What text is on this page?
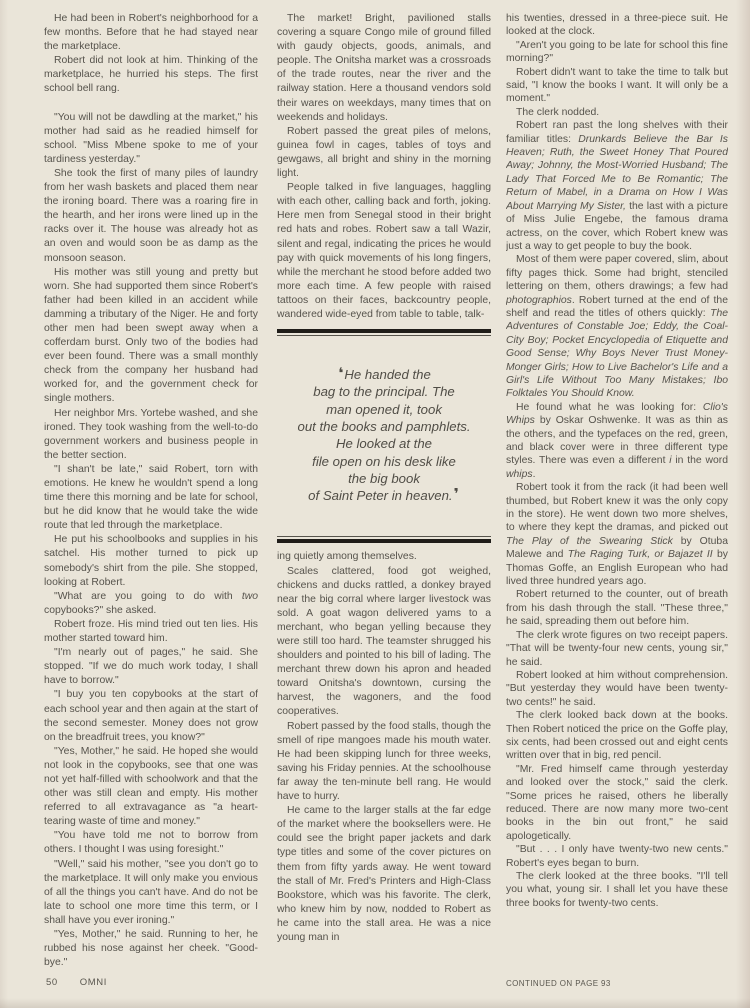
He had been in Robert's neighborhood for a few months. Before that he had stayed near the marketplace.

Robert did not look at him. Thinking of the marketplace, he hurried his steps. The first school bell rang.

"You will not be dawdling at the market," his mother had said as he readied himself for school. "Miss Mbene spoke to me of your tardiness yesterday."

She took the first of many piles of laundry from her wash baskets and placed them near the ironing board. There was a roaring fire in the hearth, and her irons were lined up in the racks over it. The house was already hot as an oven and would soon be as damp as the monsoon season.

His mother was still young and pretty but worn. She had supported them since Robert's father had been killed in an accident while damming a tributary of the Niger. He and forty other men had been swept away when a cofferdam burst. Only two of the bodies had ever been found. There was a small monthly check from the company her husband had worked for, and the government check for single mothers.

Her neighbor Mrs. Yortebe washed, and she ironed. They took washing from the well-to-do government workers and business people in the better section.

"I shan't be late," said Robert, torn with emotions. He knew he wouldn't spend a long time there this morning and be late for school, but he did know that he would take the wide route that led through the marketplace.

He put his schoolbooks and supplies in his satchel. His mother turned to pick up somebody's shirt from the pile. She stopped, looking at Robert.

"What are you going to do with two copybooks?" she asked.

Robert froze. His mind tried out ten lies. His mother started toward him.

"I'm nearly out of pages," he said. She stopped. "If we do much work today, I shall have to borrow."

"I buy you ten copybooks at the start of each school year and then again at the start of the second semester. Money does not grow on the breadfruit trees, you know?"

"Yes, Mother," he said. He hoped she would not look in the copybooks, see that one was not yet half-filled with schoolwork and that the other was still clean and empty. His mother referred to all extravagance as "a heart-tearing waste of time and money."

"You have told me not to borrow from others. I thought I was using foresight."

"Well," said his mother, "see you don't go to the marketplace. It will only make you envious of all the things you can't have. And do not be late to school one more time this term, or I shall have you ever ironing."

"Yes, Mother," he said. Running to her, he rubbed his nose against her cheek. "Good-bye."

The market! Bright, pavilioned stalls covering a square Congo mile of ground filled with gaudy objects, goods, animals, and people. The Onitsha market was a crossroads of the trade routes, near the river and the railway station. Here a thousand vendors sold their wares on weekdays, many times that on weekends and holidays.

Robert passed the great piles of melons, guinea fowl in cages, tables of toys and gewgaws, all bright and shiny in the morning light.

People talked in five languages, haggling with each other, calling back and forth, joking. Here men from Senegal stood in their bright red hats and robes. Robert saw a tall Wazir, silent and regal, indicating the prices he would pay with quick movements of his long fingers, while the merchant he stood before added two more each time. A few people with raised tattoos on their faces, backcountry people, wandered wide-eyed from table to table, talk-

❛He handed the
bag to the principal. The
man opened it, took
out the books and pamphlets.
He looked at the
file open on his desk like
the big book
of Saint Peter in heaven.❜

ing quietly among themselves.

Scales clattered, food got weighed, chickens and ducks rattled, a donkey brayed near the big corral where larger livestock was sold. A goat wagon delivered yams to a merchant, who began yelling because they were still too hard. The teamster shrugged his shoulders and pointed to his bill of lading. The merchant threw down his apron and headed toward Onitsha's downtown, cursing the harvest, the wagoners, and the food cooperatives.

Robert passed by the food stalls, though the smell of ripe mangoes made his mouth water. He had been skipping lunch for three weeks, saving his Friday pennies. At the schoolhouse far away the ten-minute bell rang. He would have to hurry.

He came to the larger stalls at the far edge of the market where the booksellers were. He could see the bright paper jackets and dark type titles and some of the cover pictures on them from fifty yards away. He went toward the stall of Mr. Fred's Printers and High-Class Bookstore, which was his favorite. The clerk, who knew him by now, nodded to Robert as he came into the stall area. He was a nice young man in

his twenties, dressed in a three-piece suit. He looked at the clock.

"Aren't you going to be late for school this fine morning?"

Robert didn't want to take the time to talk but said, "I know the books I want. It will only be a moment."

The clerk nodded.

Robert ran past the long shelves with their familiar titles: Drunkards Believe the Bar Is Heaven; Ruth, the Sweet Honey That Poured Away; Johnny, the Most-Worried Husband; The Lady That Forced Me to Be Romantic; The Return of Mabel, in a Drama on How I Was About Marrying My Sister, the last with a picture of Miss Julie Engebe, the famous drama actress, on the cover, which Robert knew was just a way to get people to buy the book.

Most of them were paper covered, slim, about fifty pages thick. Some had bright, stenciled lettering on them, others drawings; a few had photographios. Robert turned at the end of the shelf and read the titles of others quickly: The Adventures of Constable Joe; Eddy, the Coal-City Boy; Pocket Encyclopedia of Etiquette and Good Sense; Why Boys Never Trust Money-Monger Girls; How to Live Bachelor's Life and a Girl's Life Without Too Many Mistakes; Ibo Folktales You Should Know.

He found what he was looking for: Clio's Whips by Oskar Oshwenke. It was as thin as the others, and the typefaces on the red, green, and black cover were in three different type styles. There was even a different i in the word whips.

Robert took it from the rack (it had been well thumbed, but Robert knew it was the only copy in the store). He went down two more shelves, to where they kept the dramas, and picked out The Play of the Swearing Stick by Otuba Malewe and The Raging Turk, or Bajazet II by Thomas Goffe, an English European who had lived three hundred years ago.

Robert returned to the counter, out of breath from his dash through the stall. "These three," he said, spreading them out before him.

The clerk wrote figures on two receipt papers. "That will be twenty-four new cents, young sir," he said.

Robert looked at him without comprehension. "But yesterday they would have been twenty-two cents!" he said.

The clerk looked back down at the books. Then Robert noticed the price on the Goffe play, six cents, had been crossed out and eight cents written over that in big, red pencil.

"Mr. Fred himself came through yesterday and looked over the stock," said the clerk. "Some prices he raised, others he liberally reduced. There are now many more two-cent books in the bin out front," he said apologetically.

"But . . . I only have twenty-two new cents." Robert's eyes began to burn.

The clerk looked at the three books. "I'll tell you what, young sir. I shall let you have these three books for twenty-two cents.

50 OMNI	CONTINUED ON PAGE 93
